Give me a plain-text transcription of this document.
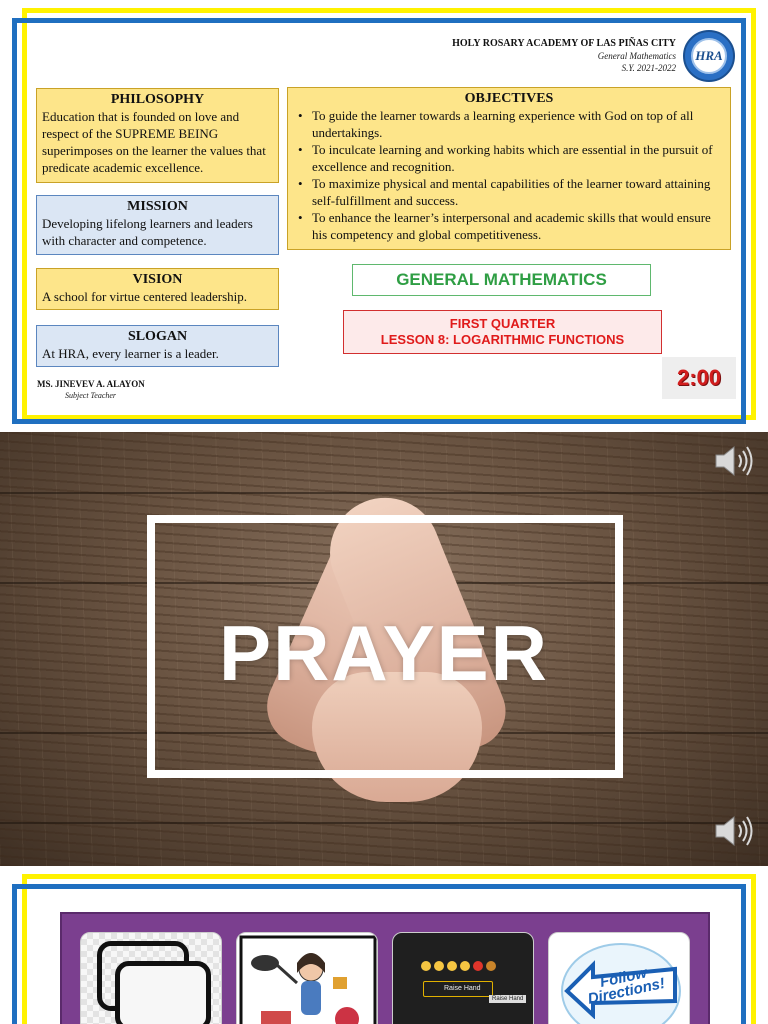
HOLY ROSARY ACADEMY OF LAS PIÑAS CITY
General Mathematics
S.Y. 2021-2022
HRA
PHILOSOPHY
Education that is founded on love and respect of the SUPREME BEING superimposes on the learner the values that predicate academic excellence.
MISSION
Developing lifelong learners and leaders with character and competence.
VISION
A school for virtue centered leadership.
SLOGAN
At HRA, every learner is a leader.
OBJECTIVES
• To guide the learner towards a learning experience with God on top of all undertakings.
• To inculcate learning and working habits which are essential in the pursuit of excellence and recognition.
• To maximize physical and mental capabilities of the learner toward attaining self-fulfillment and success.
• To enhance the learner’s interpersonal and academic skills that would ensure his competency and global competitiveness.
GENERAL MATHEMATICS
FIRST QUARTER
LESSON 8: LOGARITHMIC FUNCTIONS
MS. JINEVEV A. ALAYON
Subject Teacher
2:00
PRAYER
Raise Hand
Raise Hand
Follow Directions!
